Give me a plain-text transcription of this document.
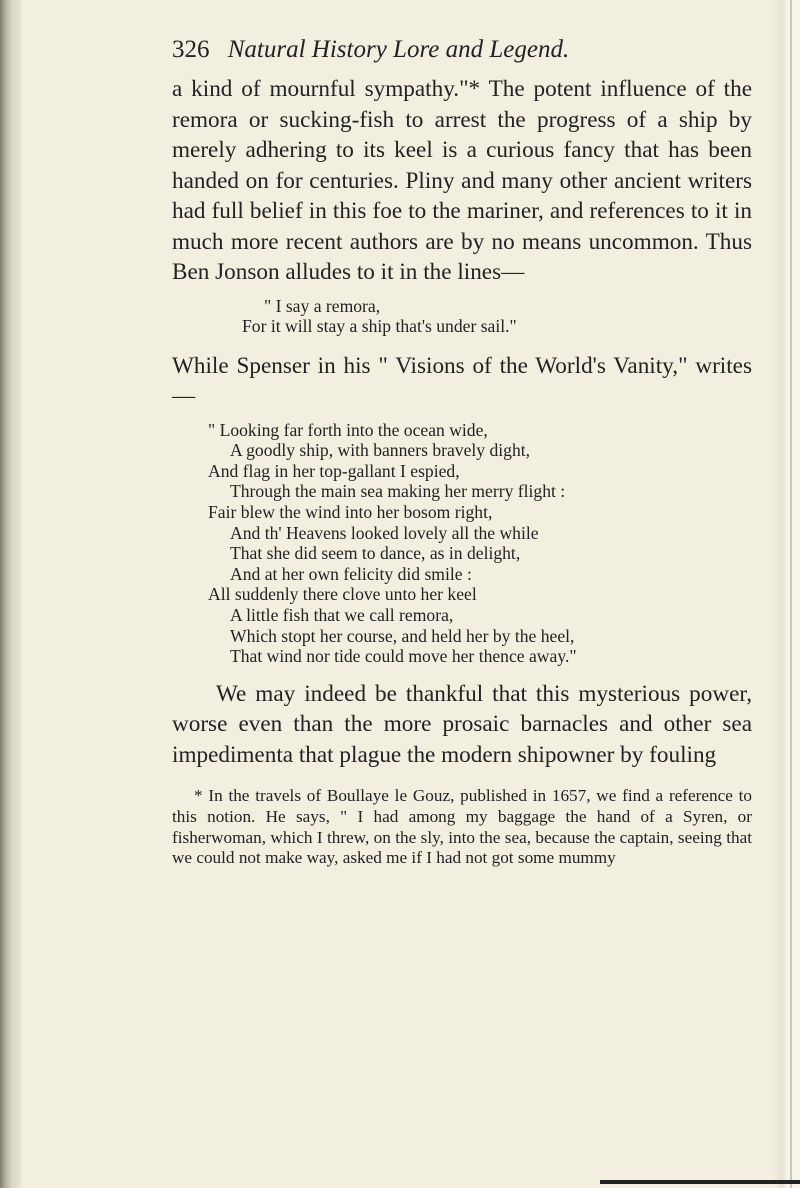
326 Natural History Lore and Legend.

a kind of mournful sympathy."* The potent influence of the remora or sucking-fish to arrest the progress of a ship by merely adhering to its keel is a curious fancy that has been handed on for centuries. Pliny and many other ancient writers had full belief in this foe to the mariner, and references to it in much more recent authors are by no means uncommon. Thus Ben Jonson alludes to it in the lines—

" I say a remora,
For it will stay a ship that's under sail."

While Spenser in his " Visions of the World's Vanity," writes—

" Looking far forth into the ocean wide,
A goodly ship, with banners bravely dight,
And flag in her top-gallant I espied,
Through the main sea making her merry flight :
Fair blew the wind into her bosom right,
And th' Heavens looked lovely all the while
That she did seem to dance, as in delight,
And at her own felicity did smile :
All suddenly there clove unto her keel
A little fish that we call remora,
Which stopt her course, and held her by the heel,
That wind nor tide could move her thence away."

We may indeed be thankful that this mysterious power, worse even than the more prosaic barnacles and other sea impedimenta that plague the modern shipowner by fouling

* In the travels of Boullaye le Gouz, published in 1657, we find a reference to this notion. He says, " I had among my baggage the hand of a Syren, or fisherwoman, which I threw, on the sly, into the sea, because the captain, seeing that we could not make way, asked me if I had not got some mummy
